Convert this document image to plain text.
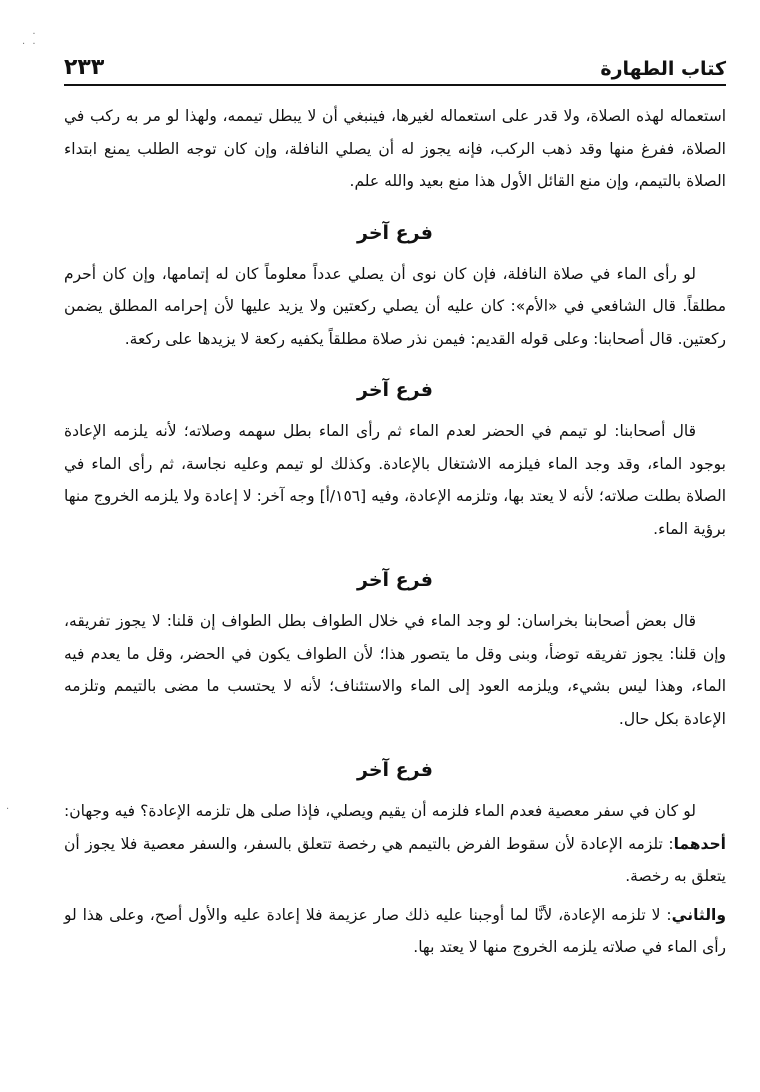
·
· ·
·
كتاب الطهارة
٢٣٣

استعماله لهذه الصلاة، ولا قدر على استعماله لغيرها، فينبغي أن لا يبطل تيممه، ولهذا لو مر به ركب في الصلاة، ففرغ منها وقد ذهب الركب، فإنه يجوز له أن يصلي النافلة، وإن كان توجه الطلب يمنع ابتداء الصلاة بالتيمم، وإن منع القائل الأول هذا منع بعيد والله علم.

فرع آخر

لو رأى الماء في صلاة النافلة، فإن كان نوى أن يصلي عدداً معلوماً كان له إتمامها، وإن كان أحرم مطلقاً. قال الشافعي في «الأم»: كان عليه أن يصلي ركعتين ولا يزيد عليها لأن إحرامه المطلق يضمن ركعتين. قال أصحابنا: وعلى قوله القديم: فيمن نذر صلاة مطلقاً يكفيه ركعة لا يزيدها على ركعة.

فرع آخر

قال أصحابنا: لو تيمم في الحضر لعدم الماء ثم رأى الماء بطل سهمه وصلاته؛ لأنه يلزمه الإعادة بوجود الماء، وقد وجد الماء فيلزمه الاشتغال بالإعادة. وكذلك لو تيمم وعليه نجاسة، ثم رأى الماء في الصلاة بطلت صلاته؛ لأنه لا يعتد بها، وتلزمه الإعادة، وفيه [١٥٦/أ] وجه آخر: لا إعادة ولا يلزمه الخروج منها برؤية الماء.

فرع آخر

قال بعض أصحابنا بخراسان: لو وجد الماء في خلال الطواف بطل الطواف إن قلنا: لا يجوز تفريقه، وإن قلنا: يجوز تفريقه توضأ، وبنى وقل ما يتصور هذا؛ لأن الطواف يكون في الحضر، وقل ما يعدم فيه الماء، وهذا ليس بشيء، ويلزمه العود إلى الماء والاستئناف؛ لأنه لا يحتسب ما مضى بالتيمم وتلزمه الإعادة بكل حال.

فرع آخر

لو كان في سفر معصية فعدم الماء فلزمه أن يقيم ويصلي، فإذا صلى هل تلزمه الإعادة؟ فيه وجهان: أحدهما: تلزمه الإعادة لأن سقوط الفرض بالتيمم هي رخصة تتعلق بالسفر، والسفر معصية فلا يجوز أن يتعلق به رخصة.

والثاني: لا تلزمه الإعادة، لأنَّا لما أوجبنا عليه ذلك صار عزيمة فلا إعادة عليه والأول أصح، وعلى هذا لو رأى الماء في صلاته يلزمه الخروج منها لا يعتد بها.
